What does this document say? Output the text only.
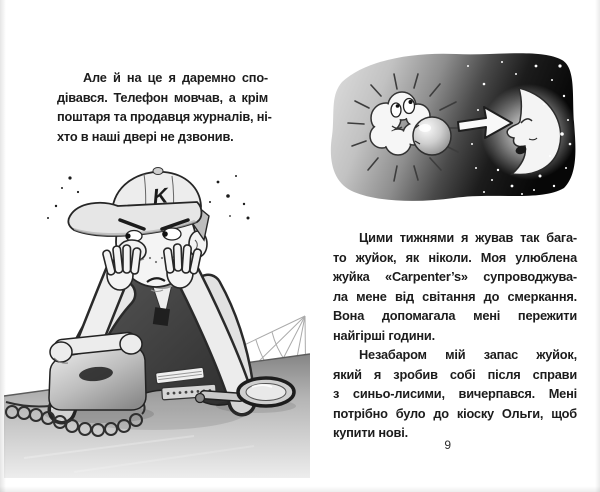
Але й на це я даремно спо-
дівався. Телефон мовчав, а крім
поштаря та продавця журналів, ні-
хто в наші двері не дзвонив.
K
Цими тижнями я жував так бага-
то жуйок, як ніколи. Моя улюблена
жуйка «Carpenter’s» супроводжува-
ла мене від світання до смеркання.
Вона допомагала мені пережити
найгірші години.
Незабаром мій запас жуйок,
який я зробив собі після справи
з синьо-лисими, вичерпався. Мені
потрібно було до кіоску Ольги, щоб
купити нові.
9
